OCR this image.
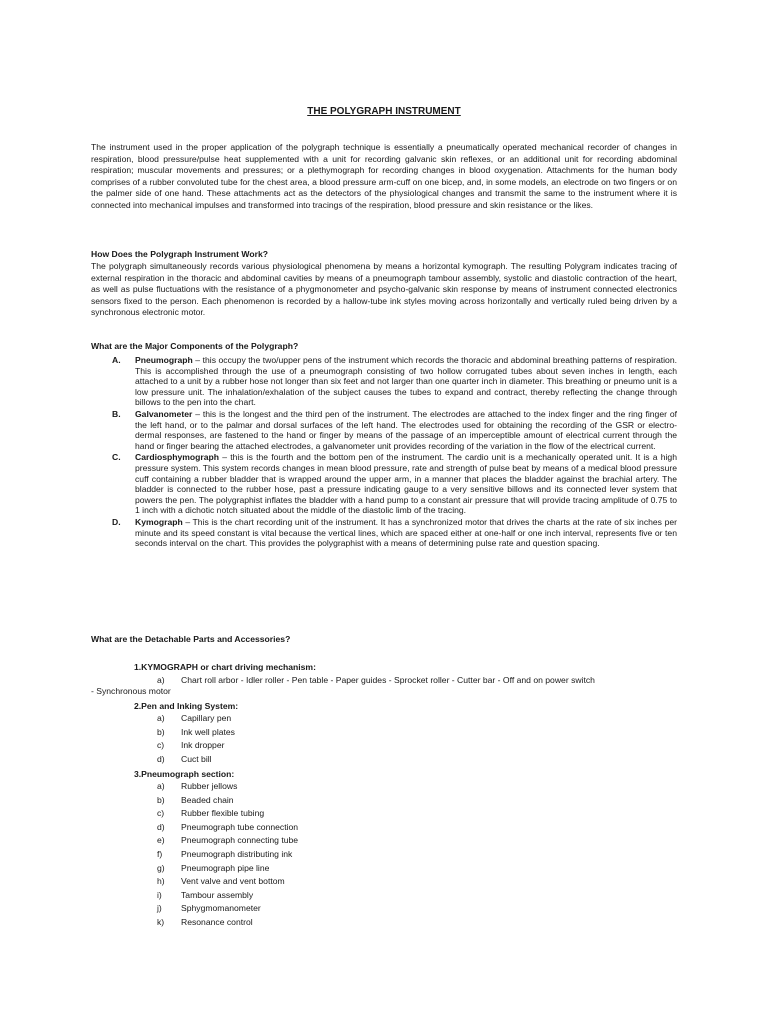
THE POLYGRAPH INSTRUMENT

The instrument used in the proper application of the polygraph technique is essentially a pneumatically operated mechanical recorder of changes in respiration, blood pressure/pulse heat supplemented with a unit for recording galvanic skin reflexes, or an additional unit for recording abdominal respiration; muscular movements and pressures; or a plethymograph for recording changes in blood oxygenation. Attachments for the human body comprises of a rubber convoluted tube for the chest area, a blood pressure arm-cuff on one bicep, and, in some models, an electrode on two fingers or on the palmer side of one hand. These attachments act as the detectors of the physiological changes and transmit the same to the instrument where it is connected into mechanical impulses and transformed into tracings of the respiration, blood pressure and skin resistance or the likes.

How Does the Polygraph Instrument Work?

The polygraph simultaneously records various physiological phenomena by means a horizontal kymograph. The resulting Polygram indicates tracing of external respiration in the thoracic and abdominal cavities by means of a pneumograph tambour assembly, systolic and diastolic contraction of the heart, as well as pulse fluctuations with the resistance of a phygmonometer and psycho-galvanic skin response by means of instrument connected electronics sensors fixed to the person. Each phenomenon is recorded by a hallow-tube ink styles moving across horizontally and vertically ruled being driven by a synchronous electronic motor.

What are the Major Components of the Polygraph?

A. Pneumograph – this occupy the two/upper pens of the instrument which records the thoracic and abdominal breathing patterns of respiration. This is accomplished through the use of a pneumograph consisting of two hollow corrugated tubes about seven inches in length, each attached to a unit by a rubber hose not longer than six feet and not larger than one quarter inch in diameter. This breathing or pneumo unit is a low pressure unit. The inhalation/exhalation of the subject causes the tubes to expand and contract, thereby reflecting the change through billows to the pen into the chart.
B. Galvanometer – this is the longest and the third pen of the instrument. The electrodes are attached to the index finger and the ring finger of the left hand, or to the palmar and dorsal surfaces of the left hand. The electrodes used for obtaining the recording of the GSR or electro-dermal responses, are fastened to the hand or finger by means of the passage of an imperceptible amount of electrical current through the hand or finger bearing the attached electrodes, a galvanometer unit provides recording of the variation in the flow of the electrical current.
C. Cardiosphymograph – this is the fourth and the bottom pen of the instrument. The cardio unit is a mechanically operated unit. It is a high pressure system. This system records changes in mean blood pressure, rate and strength of pulse beat by means of a medical blood pressure cuff containing a rubber bladder that is wrapped around the upper arm, in a manner that places the bladder against the brachial artery. The bladder is connected to the rubber hose, past a pressure indicating gauge to a very sensitive billows and its connected lever system that powers the pen. The polygraphist inflates the bladder with a hand pump to a constant air pressure that will provide tracing amplitude of 0.75 to 1 inch with a dichotic notch situated about the middle of the diastolic limb of the tracing.
D. Kymograph – This is the chart recording unit of the instrument. It has a synchronized motor that drives the charts at the rate of six inches per minute and its speed constant is vital because the vertical lines, which are spaced either at one-half or one inch interval, represents five or ten seconds interval on the chart. This provides the polygraphist with a means of determining pulse rate and question spacing.

What are the Detachable Parts and Accessories?

1.KYMOGRAPH or chart driving mechanism:
a) Chart roll arbor - Idler roller - Pen table - Paper guides - Sprocket roller - Cutter bar - Off and on power switch
- Synchronous motor
2.Pen and Inking System:
a) Capillary pen
b) Ink well plates
c) Ink dropper
d) Cuct bill
3.Pneumograph section:
a) Rubber jellows
b) Beaded chain
c) Rubber flexible tubing
d) Pneumograph tube connection
e) Pneumograph connecting tube
f) Pneumograph distributing ink
g) Pneumograph pipe line
h) Vent valve and vent bottom
i) Tambour assembly
j) Sphygmomanometer
k) Resonance control
